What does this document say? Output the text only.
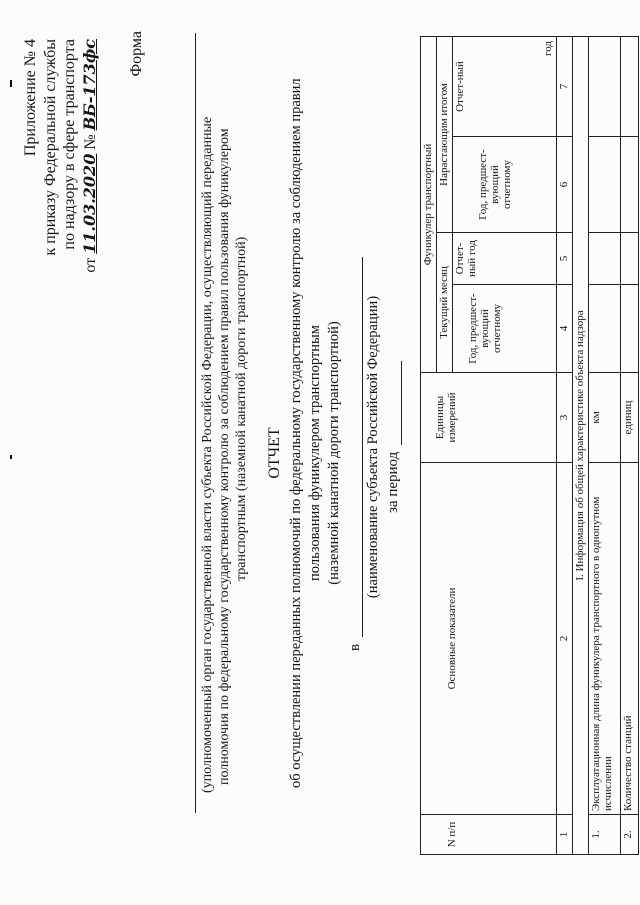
Приложение № 4 к приказу Федеральной службы по надзору в сфере транспорта
от 11.03.2020 № ВБ-173фс Форма
(уполномоченный орган государственной власти субъекта Российской Федерации, осуществляющий переданные полномочия по федеральному государственному контролю за соблюдением правил пользования фуникулером транспортным (наземной канатной дороги транспортной) ОТЧЕТ об осуществлении переданных полномочий по федеральному государственному контролю за соблюдением правил пользования фуникулером транспортным (наземной канатной дороги транспортной)
в
(наименование субъекта Российской Федерации) за период

N п/п	Основные показатели	Единицы измерений	Фуникулер транспортный			
			Текущий месяц		Нарастающим итогом	
			Год, предшест-вующий отчетному	Отчет-ный год	Год, предшест-вующий отчетному	Отчет-ный
год

1	2	3	4	5	6	7
I. Информация об общей характеристике объекта надзора						
1.	Эксплуатационная длина фуникулера транспортного в однопутном исчислении	км				
2.	Количество станций	единиц				
